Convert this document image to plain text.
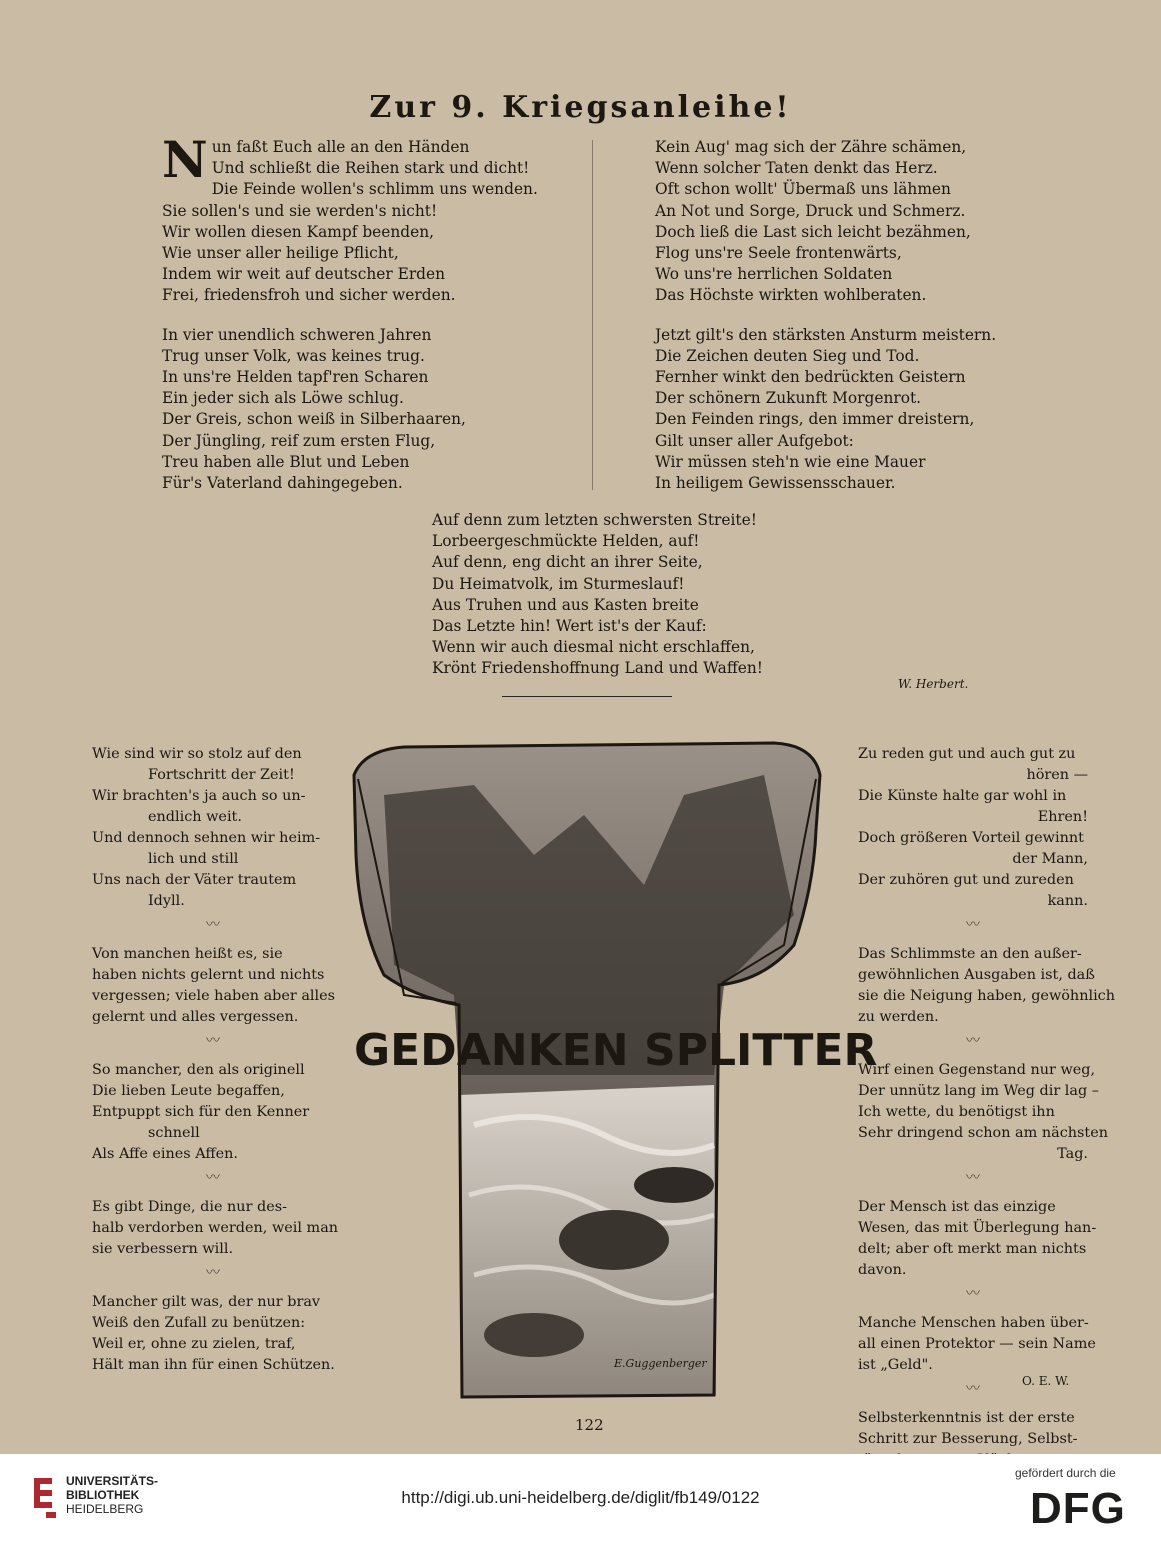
Zur 9. Kriegsanleihe!
N un faßt Euch alle an den Händen
Und schließt die Reihen stark und dicht!
Die Feinde wollen's schlimm uns wenden.
Sie sollen's und sie werden's nicht!
Wir wollen diesen Kampf beenden,
Wie unser aller heilige Pflicht,
Indem wir weit auf deutscher Erden
Frei, friedensfroh und sicher werden.
In vier unendlich schweren Jahren
Trug unser Volk, was keines trug.
In uns're Helden tapf'ren Scharen
Ein jeder sich als Löwe schlug.
Der Greis, schon weiß in Silberhaaren,
Der Jüngling, reif zum ersten Flug,
Treu haben alle Blut und Leben
Für's Vaterland dahingegeben.
Kein Aug' mag sich der Zähre schämen,
Wenn solcher Taten denkt das Herz.
Oft schon wollt' Übermaß uns lähmen
An Not und Sorge, Druck und Schmerz.
Doch ließ die Last sich leicht bezähmen,
Flog uns're Seele frontenwärts,
Wo uns're herrlichen Soldaten
Das Höchste wirkten wohlberaten.
Jetzt gilt's den stärksten Ansturm meistern.
Die Zeichen deuten Sieg und Tod.
Fernher winkt den bedrückten Geistern
Der schönern Zukunft Morgenrot.
Den Feinden rings, den immer dreistern,
Gilt unser aller Aufgebot:
Wir müssen steh'n wie eine Mauer
In heiligem Gewissensschauer.
Auf denn zum letzten schwersten Streite!
Lorbeergeschmückte Helden, auf!
Auf denn, eng dicht an ihrer Seite,
Du Heimatvolk, im Sturmeslauf!
Aus Truhen und aus Kasten breite
Das Letzte hin! Wert ist's der Kauf:
Wenn wir auch diesmal nicht erschlaffen,
Krönt Friedenshoffnung Land und Waffen!
W. Herbert.
Wie sind wir so stolz auf den
Fortschritt der Zeit!
Wir brachten's ja auch so un-
endlich weit.
Und dennoch sehnen wir heim-
lich und still
Uns nach der Väter trautem
Idyll.
〰
Von manchen heißt es, sie
haben nichts gelernt und nichts
vergessen; viele haben aber alles
gelernt und alles vergessen.
〰
So mancher, den als originell
Die lieben Leute begaffen,
Entpuppt sich für den Kenner
schnell
Als Affe eines Affen.
〰
Es gibt Dinge, die nur des-
halb verdorben werden, weil man
sie verbessern will.
〰
Mancher gilt was, der nur brav
Weiß den Zufall zu benützen:
Weil er, ohne zu zielen, traf,
Hält man ihn für einen Schützen.
GEDANKEN SPLITTER
E.Guggenberger
Zu reden gut und auch gut zu
hören —
Die Künste halte gar wohl in
Ehren!
Doch größeren Vorteil gewinnt
der Mann,
Der zuhören gut und zureden
kann.
〰
Das Schlimmste an den außer-
gewöhnlichen Ausgaben ist, daß
sie die Neigung haben, gewöhnlich
zu werden.
〰
Wirf einen Gegenstand nur weg,
Der unnütz lang im Weg dir lag –
Ich wette, du benötigst ihn
Sehr dringend schon am nächsten
Tag.
〰
Der Mensch ist das einzige
Wesen, das mit Überlegung han-
delt; aber oft merkt man nichts
davon.
〰
Manche Menschen haben über-
all einen Protektor — sein Name
ist „Geld".
〰
Selbsterkenntnis ist der erste
Schritt zur Besserung, Selbst-
O. E. W.
122
UNIVERSITÄTS-
BIBLIOTHEK
HEIDELBERG
http://digi.ub.uni-heidelberg.de/diglit/fb149/0122
gefördert durch die
DFG
